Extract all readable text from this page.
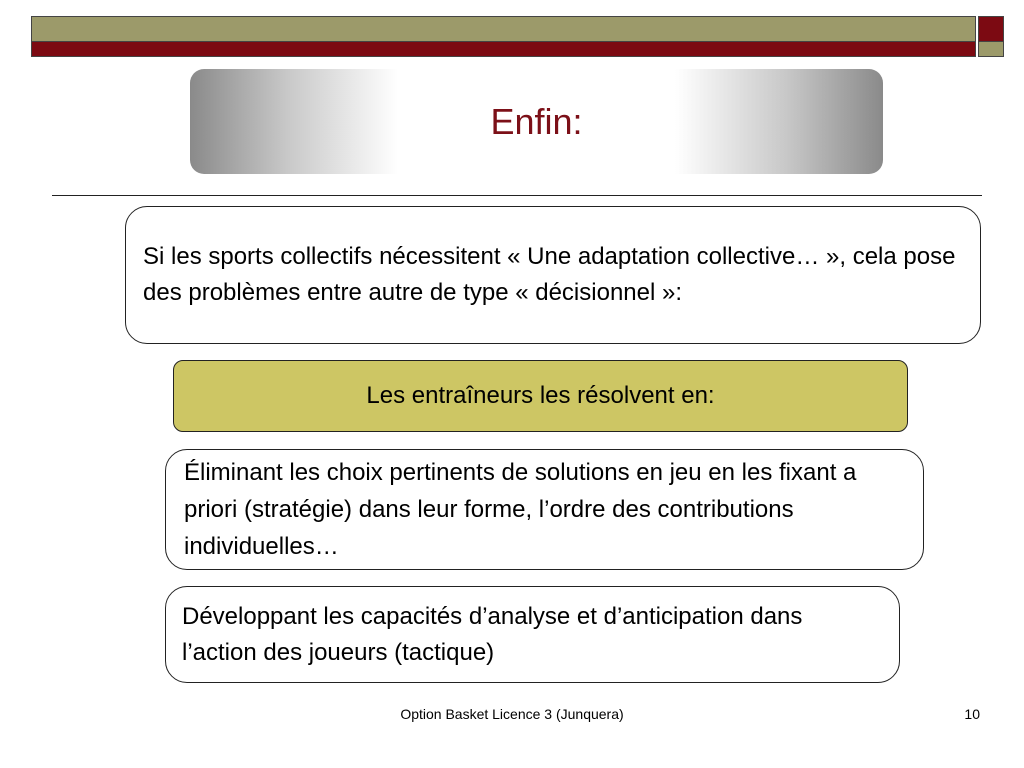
Enfin:
Si les sports collectifs nécessitent « Une adaptation collective… », cela pose des problèmes entre autre de type « décisionnel »:
Les entraîneurs les résolvent en:
Éliminant les choix pertinents de solutions en jeu en les fixant a priori (stratégie) dans leur forme, l’ordre des contributions individuelles…
Développant les capacités d’analyse et d’anticipation dans l’action des joueurs (tactique)
Option Basket Licence 3 (Junquera)	10
